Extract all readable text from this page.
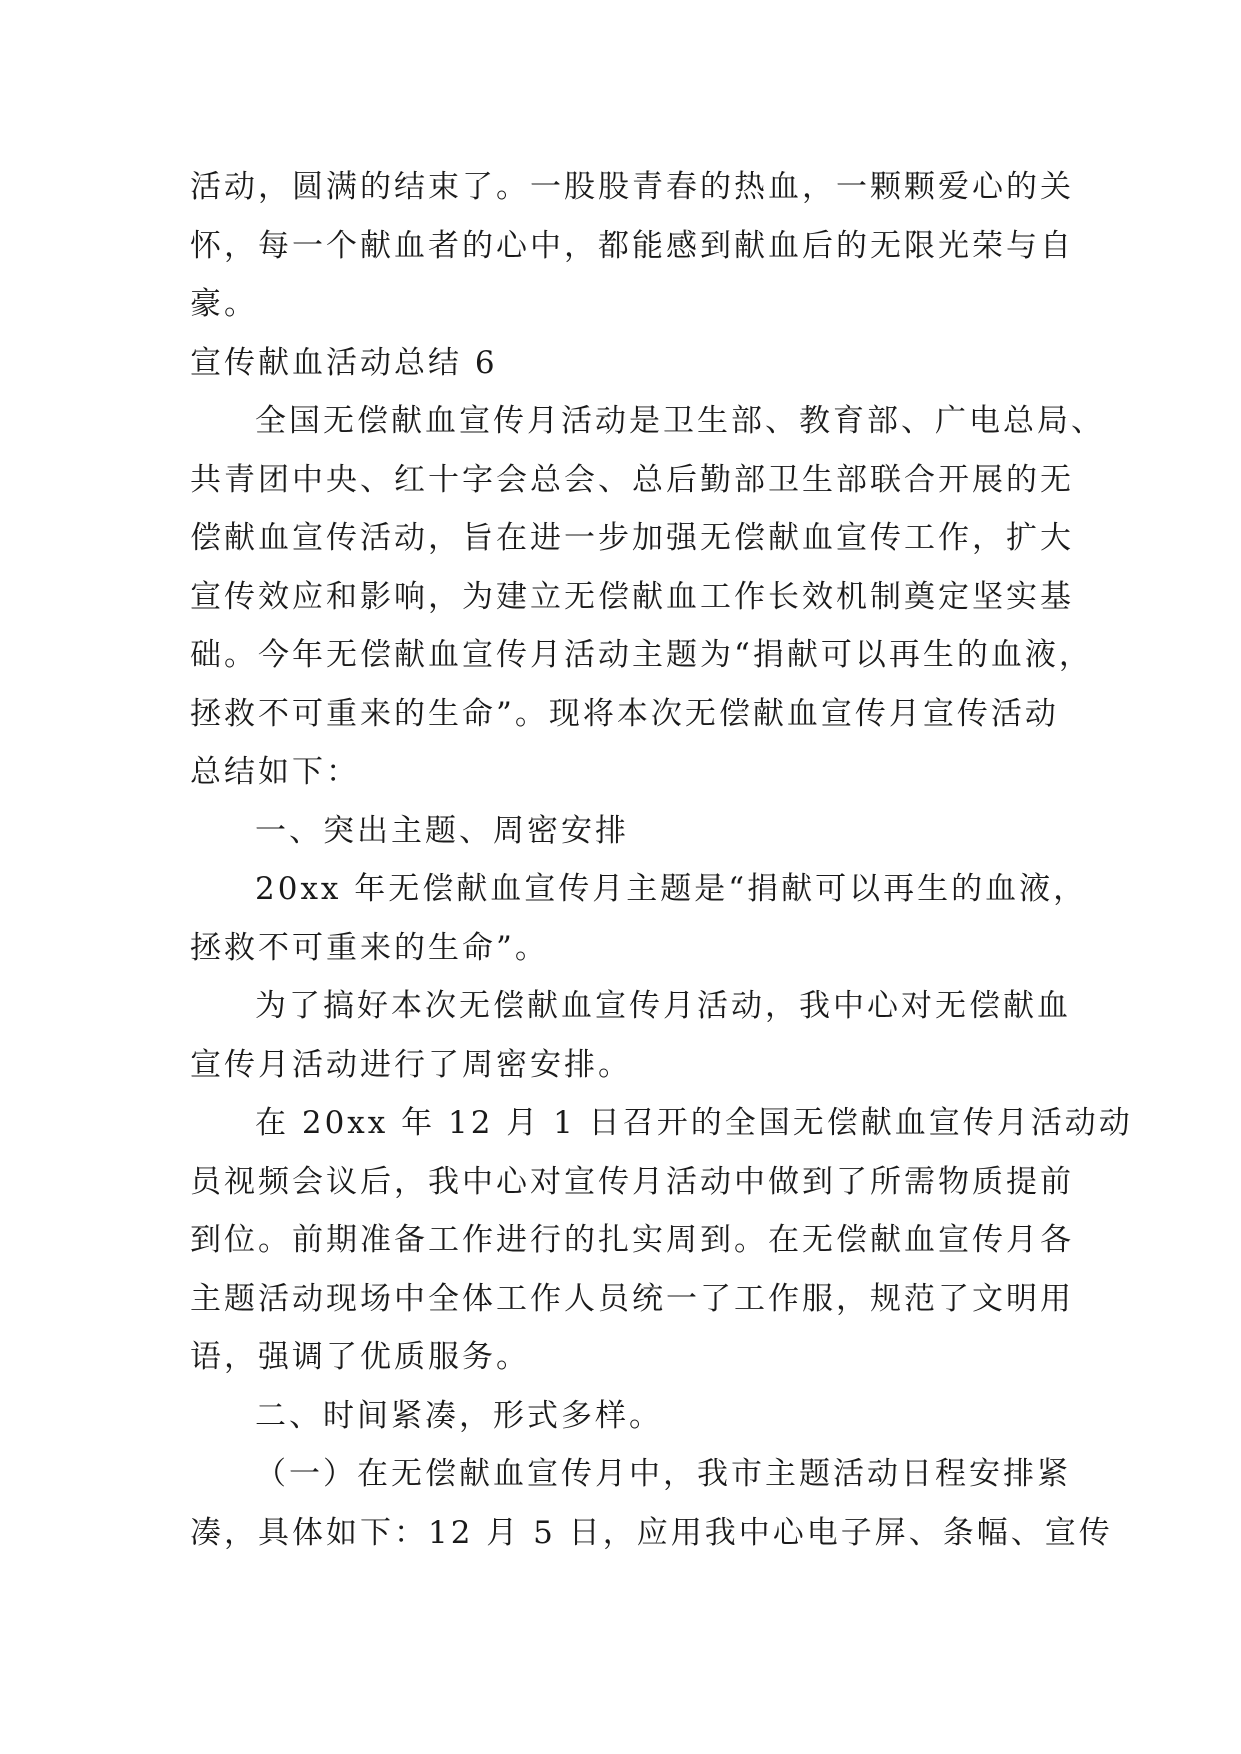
活动，圆满的结束了。一股股青春的热血，一颗颗爱心的关
怀，每一个献血者的心中，都能感到献血后的无限光荣与自
豪。
宣传献血活动总结 6
全国无偿献血宣传月活动是卫生部、教育部、广电总局、
共青团中央、红十字会总会、总后勤部卫生部联合开展的无
偿献血宣传活动，旨在进一步加强无偿献血宣传工作，扩大
宣传效应和影响，为建立无偿献血工作长效机制奠定坚实基
础。今年无偿献血宣传月活动主题为“捐献可以再生的血液，
拯救不可重来的生命”。现将本次无偿献血宣传月宣传活动
总结如下：
一、突出主题、周密安排
20xx 年无偿献血宣传月主题是“捐献可以再生的血液，
拯救不可重来的生命”。
为了搞好本次无偿献血宣传月活动，我中心对无偿献血
宣传月活动进行了周密安排。
在 20xx 年 12 月 1 日召开的全国无偿献血宣传月活动动
员视频会议后，我中心对宣传月活动中做到了所需物质提前
到位。前期准备工作进行的扎实周到。在无偿献血宣传月各
主题活动现场中全体工作人员统一了工作服，规范了文明用
语，强调了优质服务。
二、时间紧凑，形式多样。
（一）在无偿献血宣传月中，我市主题活动日程安排紧
凑，具体如下：12 月 5 日，应用我中心电子屏、条幅、宣传
